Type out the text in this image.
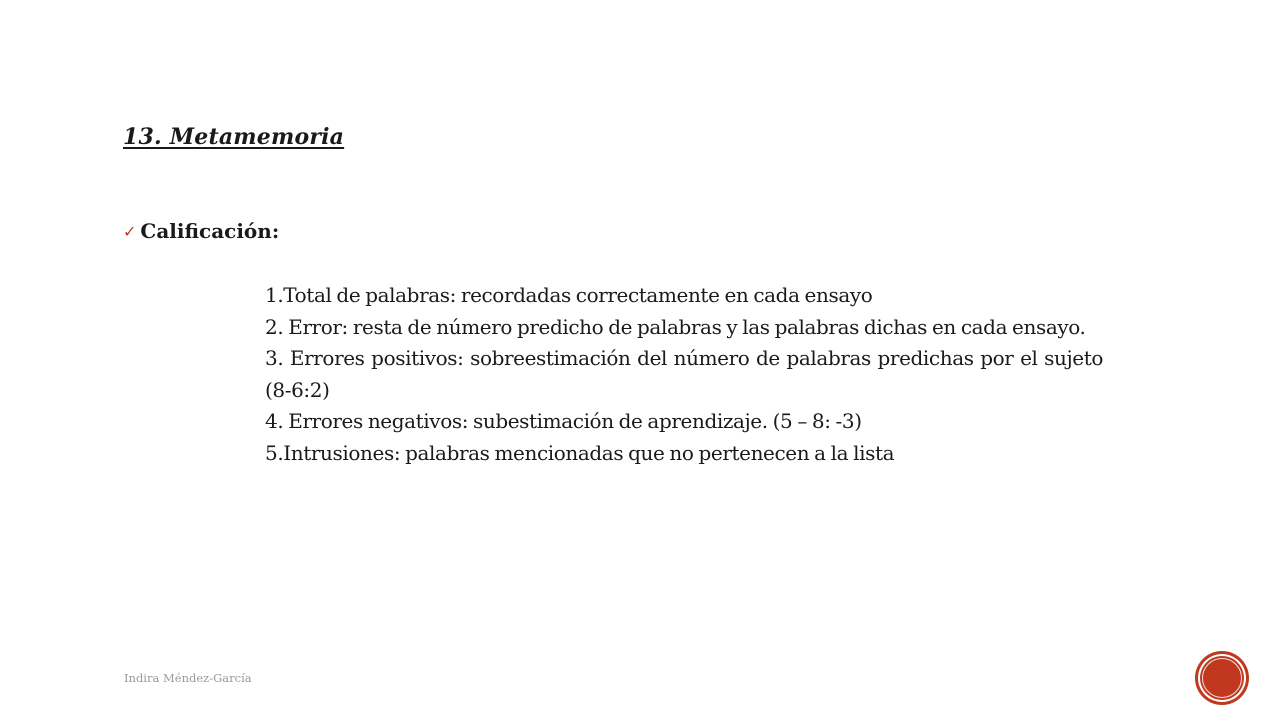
13. Metamemoria
✓ Calificación:

1.Total de palabras: recordadas correctamente en cada ensayo

2. Error: resta de número predicho de palabras y las palabras dichas en cada ensayo.

3. Errores positivos: sobreestimación del número de palabras predichas por el sujeto (8-6:2)

4. Errores negativos: subestimación de aprendizaje. (5 – 8: -3)

5.Intrusiones: palabras mencionadas que no pertenecen a la lista

Indira Méndez-García
